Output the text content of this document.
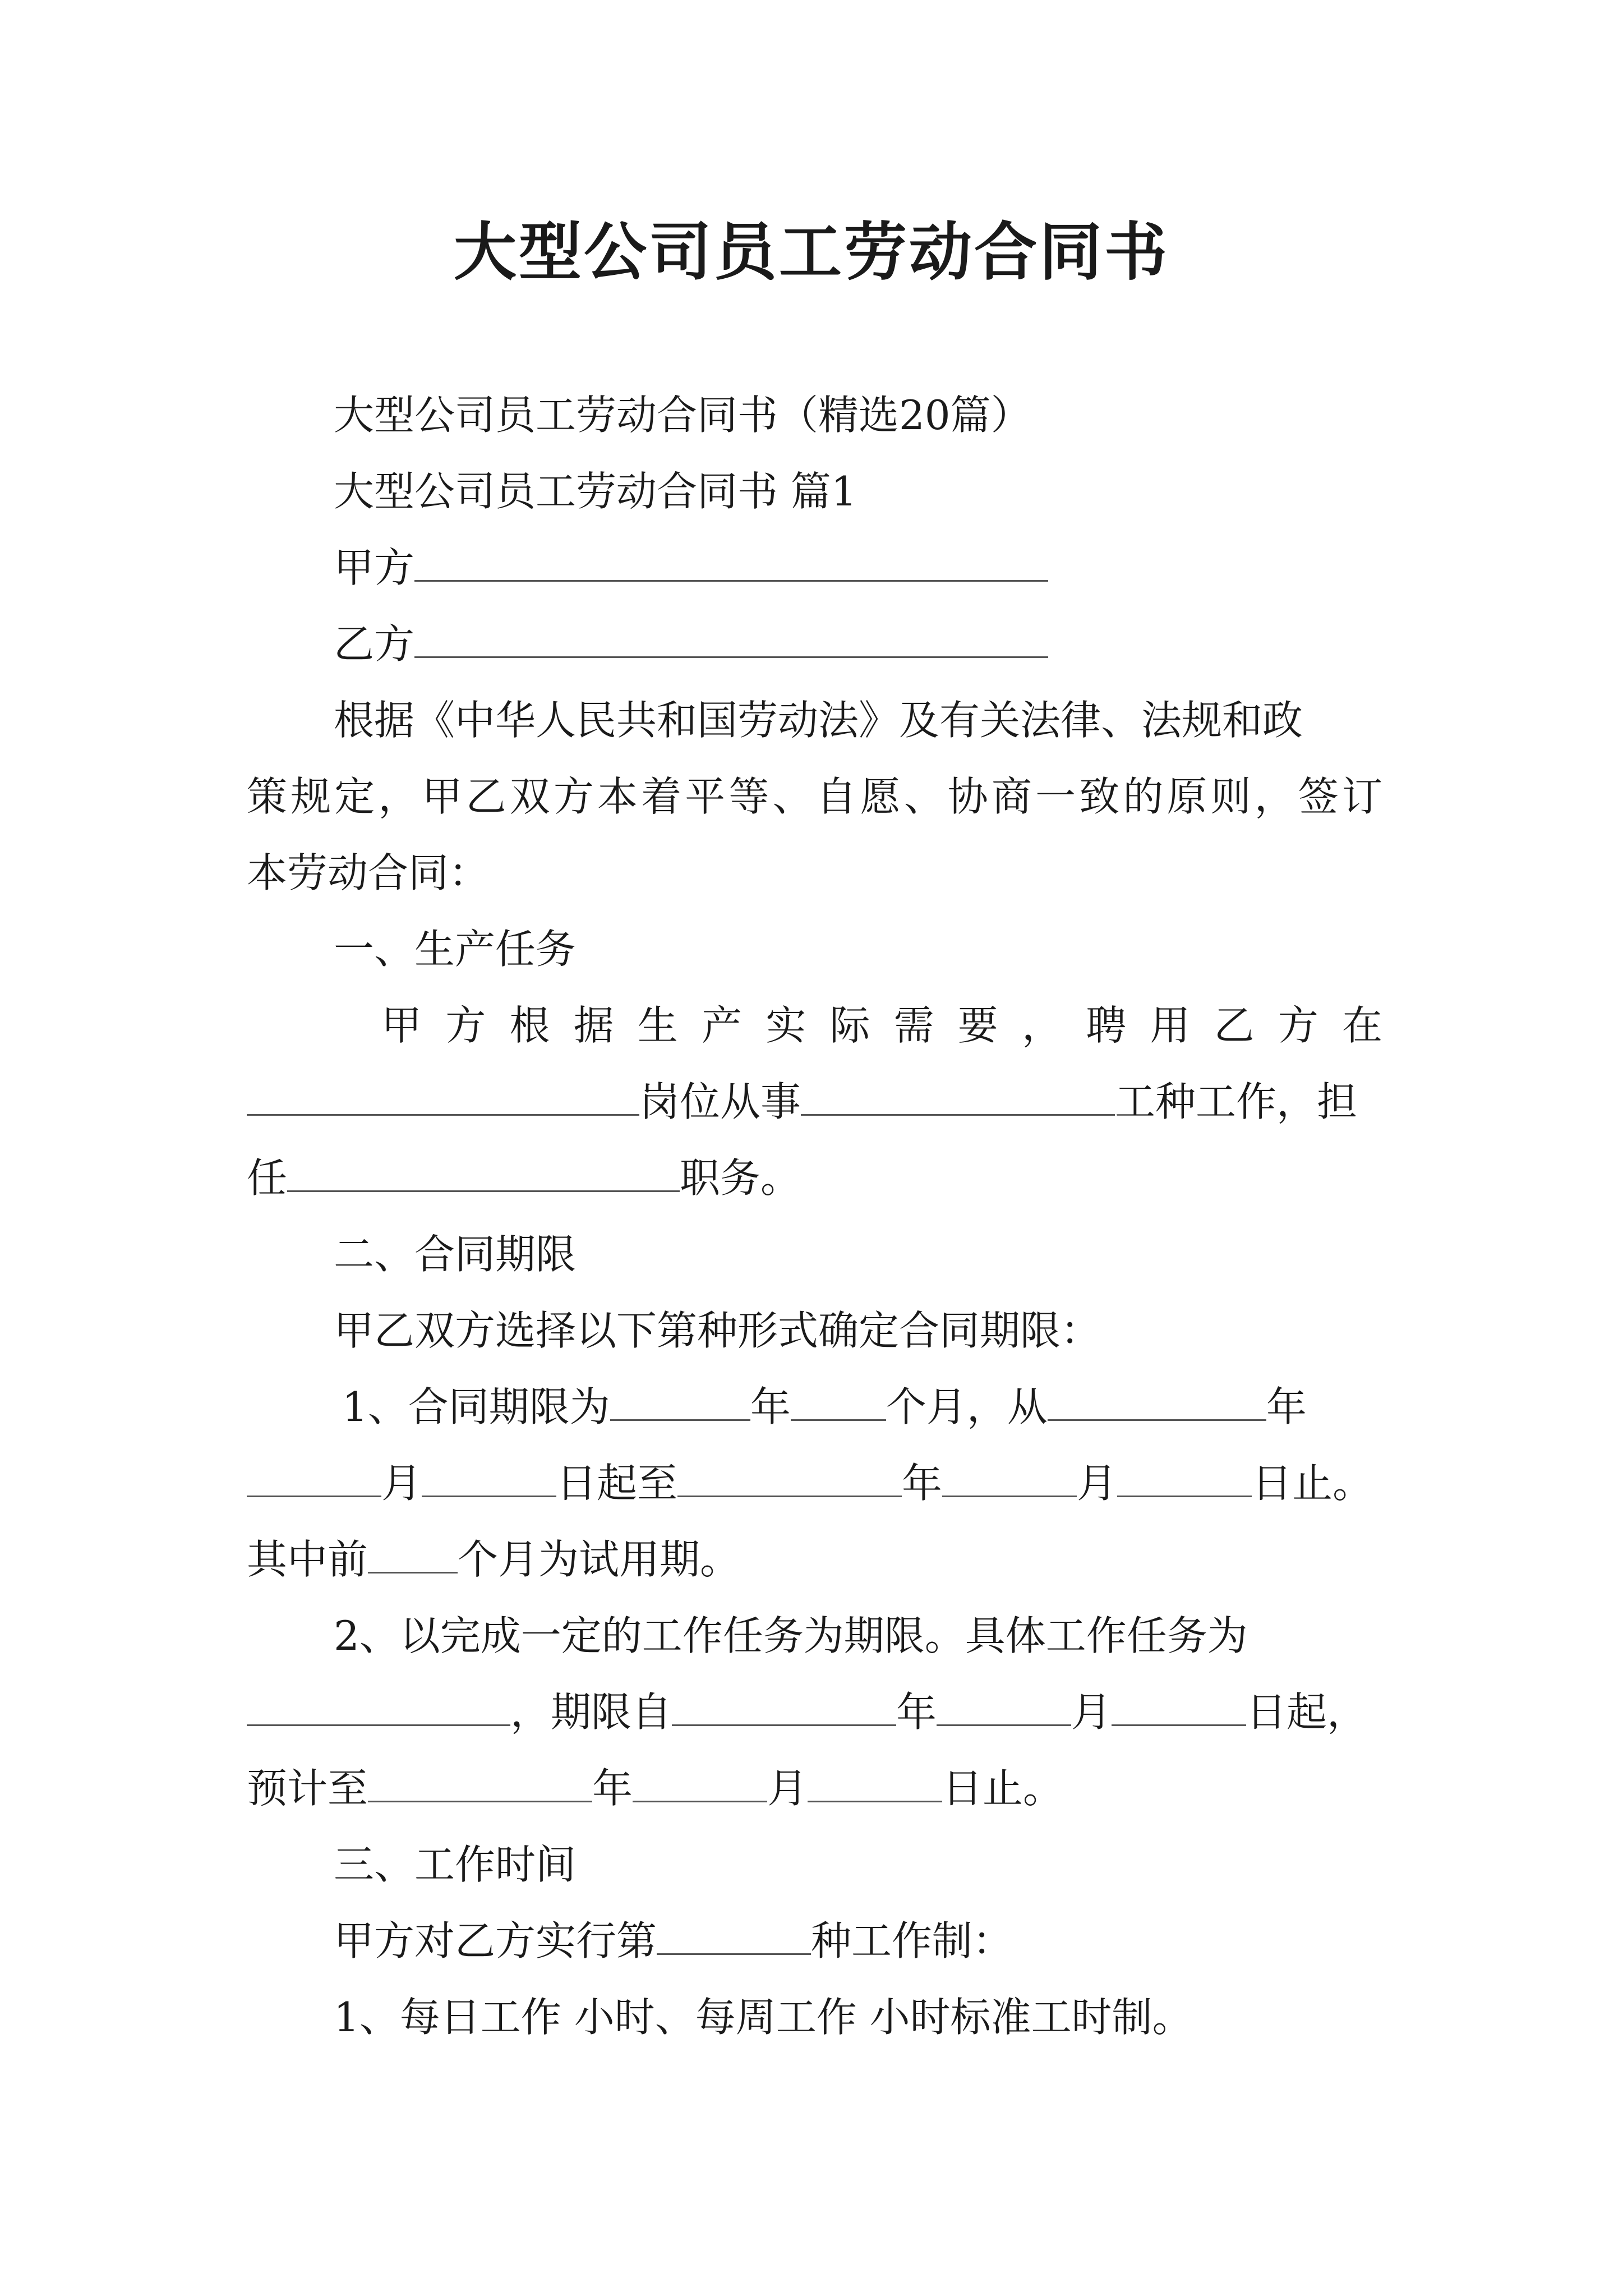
大型公司员工劳动合同书
大型公司员工劳动合同书（精选20篇）
大型公司员工劳动合同书 篇1
甲方
乙方
根据《中华人民共和国劳动法》及有关法律、法规和政
策规定，甲乙双方本着平等、自愿、协商一致的原则，签订
本劳动合同：
一、生产任务
甲方根据生产实际需要，聘用乙方在
岗位从事	工种工作，担
任	职务。
二、合同期限
甲乙双方选择以下第种形式确定合同期限：
1、合同期限为	年 个月，从	年
月	日起至	年	月	日止。
其中前 个月为试用期。
2、以完成一定的工作任务为期限。具体工作任务为
，期限自	年	月	日起，
预计至	年	月	日止。
三、工作时间
甲方对乙方实行第	种工作制：
1、每日工作 小时、每周工作 小时标准工时制。
